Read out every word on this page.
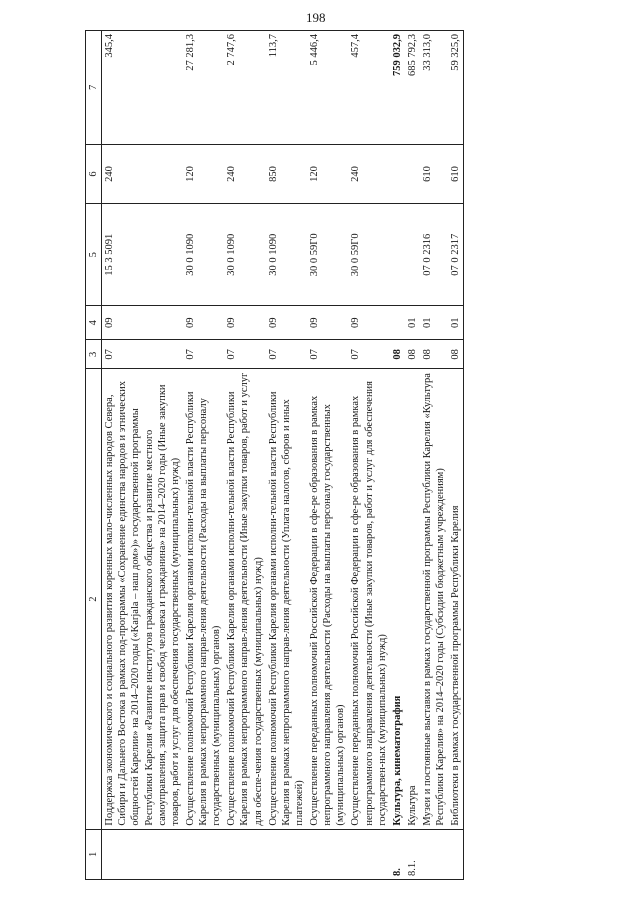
198
1	2	3	4	5	6	7
	Поддержка экономического и социального развития коренных мало-численных народов Севера, Сибири и Дальнего Востока в рамках под-программы «Сохранение единства народов и этнических общностей Карелии» на 2014–2020 годы («Karjala – наш дом»)» государственной программы Республики Карелия «Развитие институтов гражданского общества и развитие местного самоуправления, защита прав и свобод человека и гражданина» на 2014–2020 годы (Иные закупки товаров, работ и услуг для обеспечения государственных (муниципальных) нужд)	07	09	15 3 5091	240	345,4
	Осуществление полномочий Республики Карелия органами исполни-тельной власти Республики Карелия в рамках непрограммного направ-ления деятельности (Расходы на выплаты персоналу государственных (муниципальных) органов)	07	09	30 0 1090	120	27 281,3
	Осуществление полномочий Республики Карелия органами исполни-тельной власти Республики Карелия в рамках непрограммного направ-ления деятельности (Иные закупки товаров, работ и услуг для обеспе-чения государственных (муниципальных) нужд)	07	09	30 0 1090	240	2 747,6
	Осуществление полномочий Республики Карелия органами исполни-тельной власти Республики Карелия в рамках непрограммного направ-ления деятельности (Уплата налогов, сборов и иных платежей)	07	09	30 0 1090	850	113,7
	Осуществление переданных полномочий Российской Федерации в сфе-ре образования в рамках непрограммного направления деятельности (Расходы на выплаты персоналу государственных (муниципальных) органов)	07	09	30 0 59Г0	120	5 446,4
	Осуществление переданных полномочий Российской Федерации в сфе-ре образования в рамках непрограммного направления деятельности (Иные закупки товаров, работ и услуг для обеспечения государствен-ных (муниципальных) нужд)	07	09	30 0 59Г0	240	457,4
8.	Культура, кинематография	08				759 032,9
8.1.	Культура	08	01			685 792,3
	Музеи и постоянные выставки в рамках государственной программы Республики Карелия «Культура Республики Карелия» на 2014–2020 годы (Субсидии бюджетным учреждениям)	08	01	07 0 2316	610	33 313,0
	Библиотеки в рамках государственной программы Республики Карелия	08	01	07 0 2317	610	59 325,0
